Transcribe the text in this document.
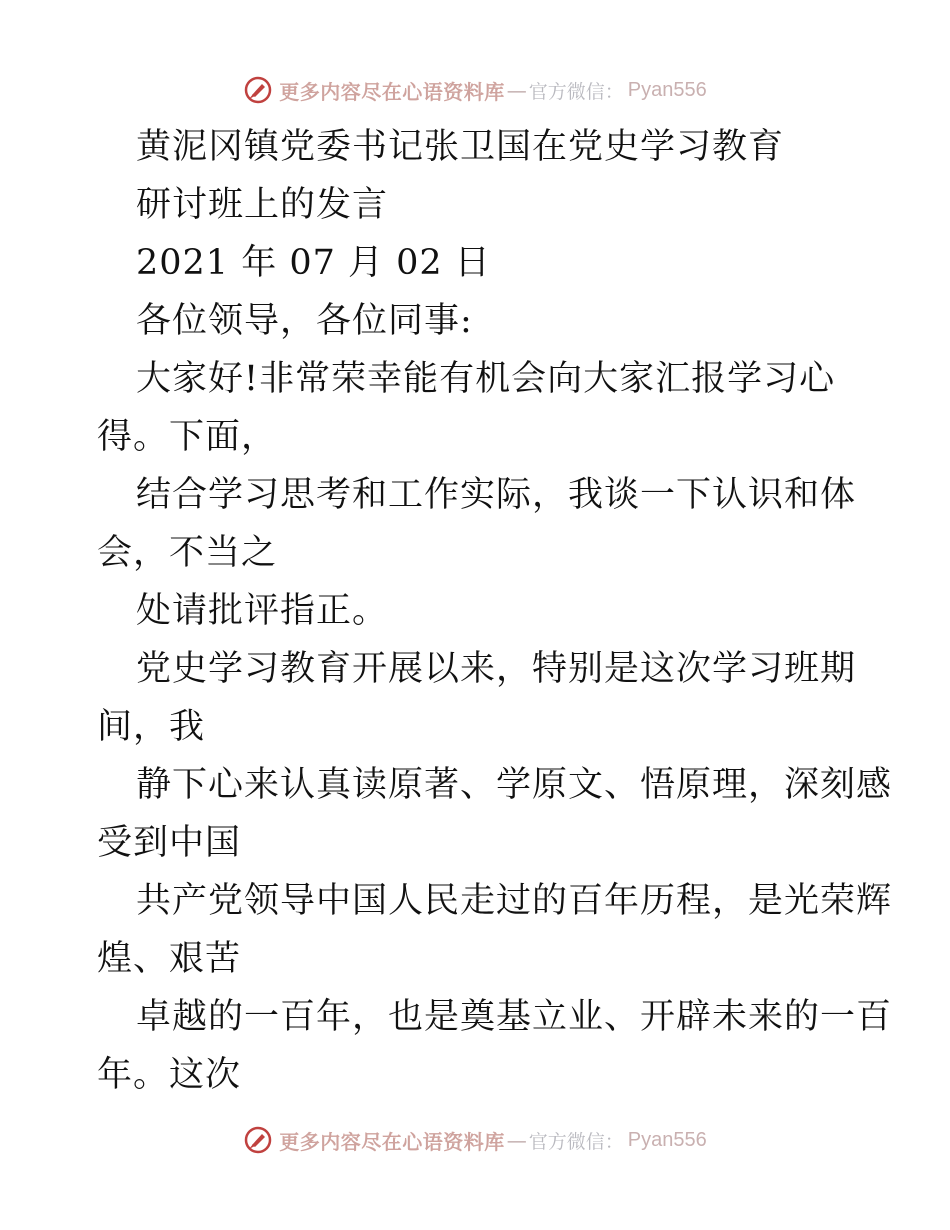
更多内容尽在心语资料库 — 官方微信： Pyan556
黄泥冈镇党委书记张卫国在党史学习教育
研讨班上的发言
2021 年 07 月 02 日
各位领导，各位同事:
大家好!非常荣幸能有机会向大家汇报学习心
得。下面，
结合学习思考和工作实际，我谈一下认识和体
会，不当之
处请批评指正。
党史学习教育开展以来，特别是这次学习班期
间，我
静下心来认真读原著、学原文、悟原理，深刻感
受到中国
共产党领导中国人民走过的百年历程，是光荣辉
煌、艰苦
卓越的一百年，也是奠基立业、开辟未来的一百
年。这次
更多内容尽在心语资料库 — 官方微信： Pyan556
